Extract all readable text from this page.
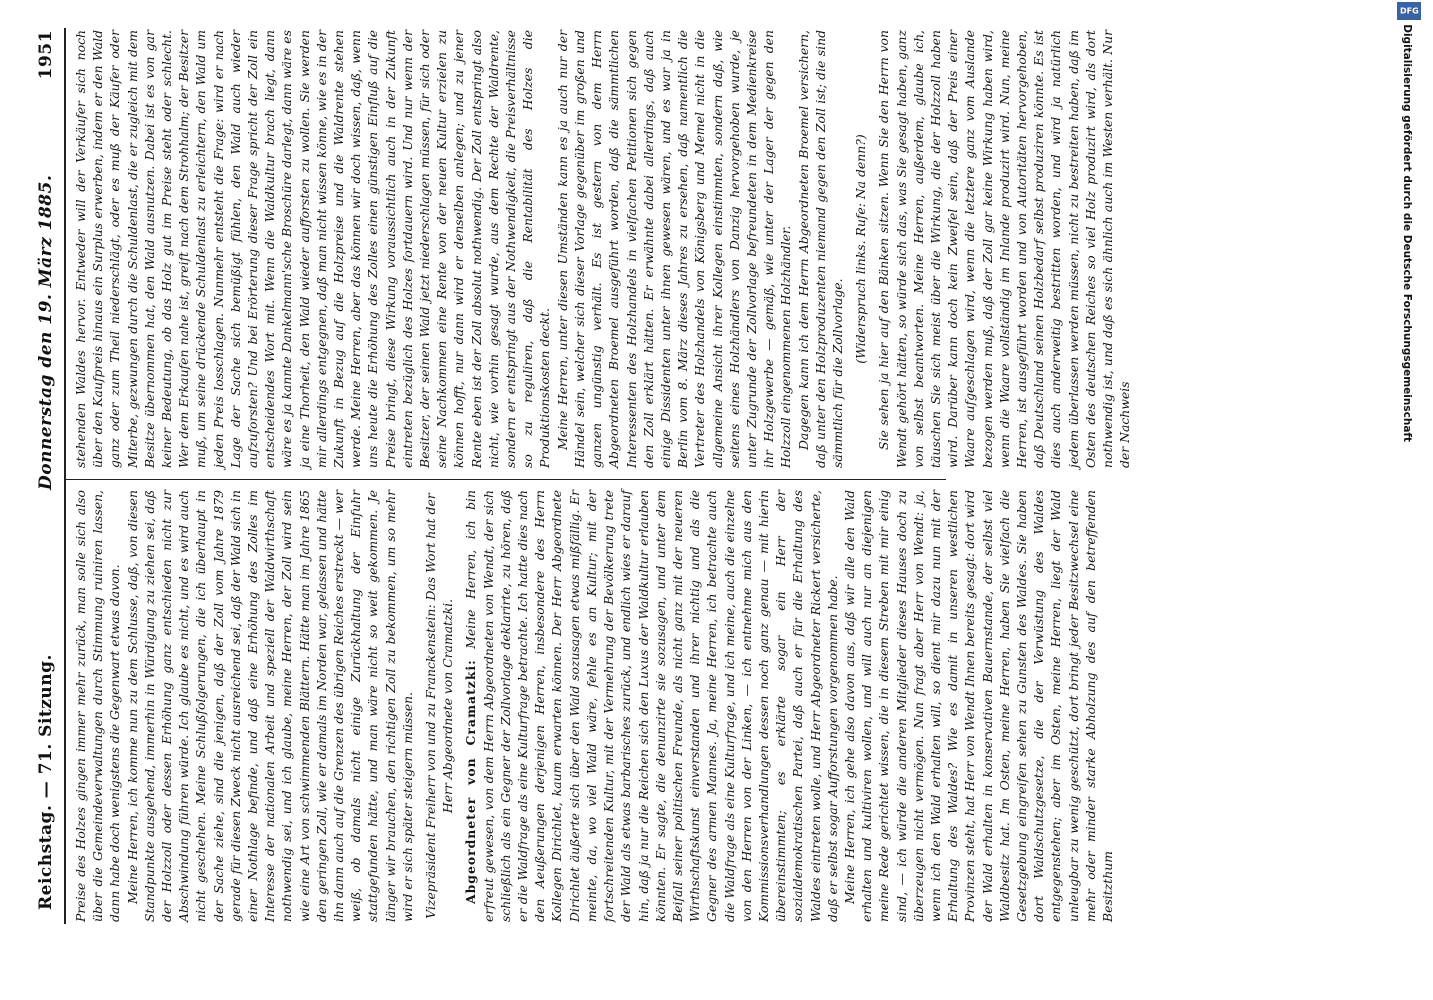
Reichstag. — 71. Sitzung.
Donnerstag den 19. März 1885.
1951

Preise des Holzes gingen immer mehr zurück, man solle sich also über die Gemeindeverwaltungen durch Stimmung ruiniren lassen, dann habe doch wenigstens die Gegenwart etwas davon. Meine Herren, ich komme nun zu dem Schlusse, daß, von diesen Standpunkte ausgehend, immerhin in Würdigung zu ziehen sei, daß der Holzzoll oder dessen Erhöhung ganz entschieden nicht zur Abschwindung führen würde. Ich glaube es nicht, und es wird auch nicht geschehen. Meine Schlußfolgerungen, die ich überhaupt in der Sache ziehe, sind die jenigen, daß der Zoll vom Jahre 1879 gerade für diesen Zweck nicht ausreichend sei, daß der Wald sich in einer Nothlage befinde, und daß eine Erhöhung des Zolles im Interesse der nationalen Arbeit und speziell der Waldwirthschaft nothwendig sei, und ich glaube, meine Herren, der Zoll wird sein wie eine Art von schwimmenden Blättern. Hätte man im Jahre 1865 den geringen Zoll, wie er damals im Norden war, gelassen und hätte ihn dann auch auf die Grenzen des übrigen Reiches erstreckt — wer weiß, ob damals nicht einige Zurückhaltung der Einfuhr stattgefunden hätte, und man wäre nicht so weit gekommen. Je länger wir brauchen, den richtigen Zoll zu bekommen, um so mehr wird er sich später steigern müssen. Vizepräsident Freiherr von und zu Franckenstein: Das Wort hat der Herr Abgeordnete von Cramatzki. Abgeordneter von Cramatzki: Meine Herren, ich bin erfreut gewesen, von dem Herrn Abgeordneten von Wendt, der sich schließlich als ein Gegner der Zollvorlage deklarirte, zu hören, daß er die Waldfrage als eine Kulturfrage betrachte. Ich hatte dies nach den Aeußerungen derjenigen Herren, insbesondere des Herrn Kollegen Dirichlet, kaum erwarten können. Der Herr Abgeordnete Dirichlet äußerte sich über den Wald sozusagen etwas mißfällig. Er meinte, da, wo viel Wald wäre, fehle es an Kultur; mit der fortschreitenden Kultur, mit der Vermehrung der Bevölkerung trete der Wald als etwas barbarisches zurück, und endlich wies er darauf hin, daß ja nur die Reichen sich den Luxus der Waldkultur erlauben könnten. Er sagte, die denunzirte sie sozusagen, und unter dem Beifall seiner politischen Freunde, als nicht ganz mit der neueren Wirthschaftskunst einverstanden und ihrer nichtig und als die Gegner des armen Mannes. Ja, meine Herren, ich betrachte auch die Waldfrage als eine Kulturfrage, und ich meine, auch die einzelne von den Herren von der Linken, — ich entnehme mich aus den Kommissionsverhandlungen dessen noch ganz genau — mit hierin übereinstimmten; es erklärte sogar ein Herr der sozialdemokratischen Partei, daß auch er für die Erhaltung des Waldes eintreten wolle, und Herr Abgeordneter Rickert versicherte, daß er selbst sogar Aufforstungen vorgenommen habe. Meine Herren, ich gehe also davon aus, daß wir alle den Wald erhalten und kultiviren wollen, und will auch nur an diejenigen meine Rede gerichtet wissen, die in diesem Streben mit mir einig sind, — ich würde die anderen Mitglieder dieses Hauses doch zu überzeugen nicht vermögen. Nun fragt aber Herr von Wendt: ja, wenn ich den Wald erhalten will, so dient mir dazu nun mit der Erhaltung des Waldes? Wie es damit in unseren westlichen Provinzen steht, hat Herr von Wendt Ihnen bereits gesagt: dort wird der Wald erhalten in konservativen Bauernstande, der selbst viel Waldbesitz hat. Im Osten, meine Herren, haben Sie vielfach die Gesetzgebung eingreifen sehen zu Gunsten des Waldes. Sie haben dort Waldschutzgesetze, die der Verwüstung des Waldes entgegenstehen; aber im Osten, meine Herren, liegt der Wald unleugbar zu wenig geschützt, dort bringt jeder Besitzwechsel eine mehr oder minder starke Abholzung des auf den betreffenden Besitzthum

stehenden Waldes hervor. Entweder will der Verkäufer sich noch über den Kaufpreis hinaus ein Surplus erwerben, indem er den Wald ganz oder zum Theil niederschlägt, oder es muß der Käufer oder Miterbe, gezwungen durch die Schuldenlast, die er zugleich mit dem Besitze übernommen hat, den Wald ausnutzen. Dabei ist es von gar keiner Bedeutung, ob das Holz gut im Preise steht oder schlecht. Wer dem Erkaufen nahe ist, greift nach dem Strohhalm; der Besitzer muß, um seine drückende Schuldenlast zu erleichtern, den Wald um jeden Preis losschlagen. Nunmehr entsteht die Frage: wird er nach Lage der Sache sich bemüßigt fühlen, den Wald auch wieder aufzuforsten? Und bei Erörterung dieser Frage spricht der Zoll ein entscheidendes Wort mit. Wenn die Waldkultur brach liegt, dann wäre es ja kannte Dankelmann'sche Broschüre darlegt, dann wäre es ja eine Thorheit, den Wald wieder aufforsten zu wollen. Sie werden mir allerdings entgegnen, daß man nicht wissen könne, wie es in der Zukunft in Bezug auf die Holzpreise und die Waldrente stehen werde. Meine Herren, aber das können wir doch wissen, daß, wenn uns heute die Erhöhung des Zolles einen günstigen Einfluß auf die Preise bringt, diese Wirkung voraussichtlich auch in der Zukunft eintreten bezüglich des Holzes fortdauern wird. Und nur wenn der Besitzer, der seinen Wald jetzt niederschlagen müssen, für sich oder seine Nachkommen eine Rente von der neuen Kultur erzielen zu können hofft, nur dann wird er denselben anlegen; und zu jener Rente eben ist der Zoll absolut nothwendig. Der Zoll entspringt also nicht, wie vorhin gesagt wurde, aus dem Rechte der Waldrente, sondern er entspringt aus der Nothwendigkeit, die Preisverhältnisse so zu reguliren, daß die Rentabilität des Holzes die Produktionskosten deckt. Meine Herren, unter diesen Umständen kann es ja auch nur der Händel sein, welcher sich dieser Vorlage gegenüber im großen und ganzen ungünstig verhält. Es ist gestern von dem Herrn Abgeordneten Broemel ausgeführt worden, daß die sämmtlichen Interessenten des Holzhandels in vielfachen Petitionen sich gegen den Zoll erklärt hätten. Er erwähnte dabei allerdings, daß auch einige Dissidenten unter ihnen gewesen wären, und es war ja in Berlin vom 8. März dieses Jahres zu ersehen, daß namentlich die Vertreter des Holzhandels von Königsberg und Memel nicht in die allgemeine Ansicht ihrer Kollegen einstimmten, sondern daß, wie seitens eines Holzhändlers von Danzig hervorgehoben wurde, je unter Zugrunde der Zollvorlage befreundeten in dem Medienkreise ihr Holzgewerbe — gemäß, wie unter der Lager der gegen den Holzzoll eingenommenen Holzhändler. Dagegen kann ich dem Herrn Abgeordneten Broemel versichern, daß unter den Holzproduzenten niemand gegen den Zoll ist; die sind sämmtlich für die Zollvorlage.

(Widerspruch links. Rufe: Na denn?) Sie sehen ja hier auf den Bänken sitzen. Wenn Sie den Herrn von Wendt gehört hätten, so würde sich das, was Sie gesagt haben, ganz von selbst beantworten. Meine Herren, außerdem, glaube ich, täuschen Sie sich meist über die Wirkung, die der Holzzoll haben wird. Darüber kann doch kein Zweifel sein, daß der Preis einer Waare aufgeschlagen wird, wenn die letztere ganz vom Auslande bezogen werden muß, daß der Zoll gar keine Wirkung haben wird, wenn die Waare vollständig im Inlande produzirt wird. Nun, meine Herren, ist ausgeführt worden und von Autoritäten hervorgehoben, daß Deutschland seinen Holzbedarf selbst produziren könnte. Es ist dies auch anderweitig bestritten worden, und wird ja natürlich jedem überlassen werden müssen, nicht zu bestreiten haben, daß im Osten des deutschen Reiches so viel Holz produzirt wird, als dort nothwendig ist, und daß es sich ähnlich auch im Westen verhält. Nur der Nachweis	Digitalisierung gefördert durch die Deutsche Forschungsgemeinschaft
DFG
